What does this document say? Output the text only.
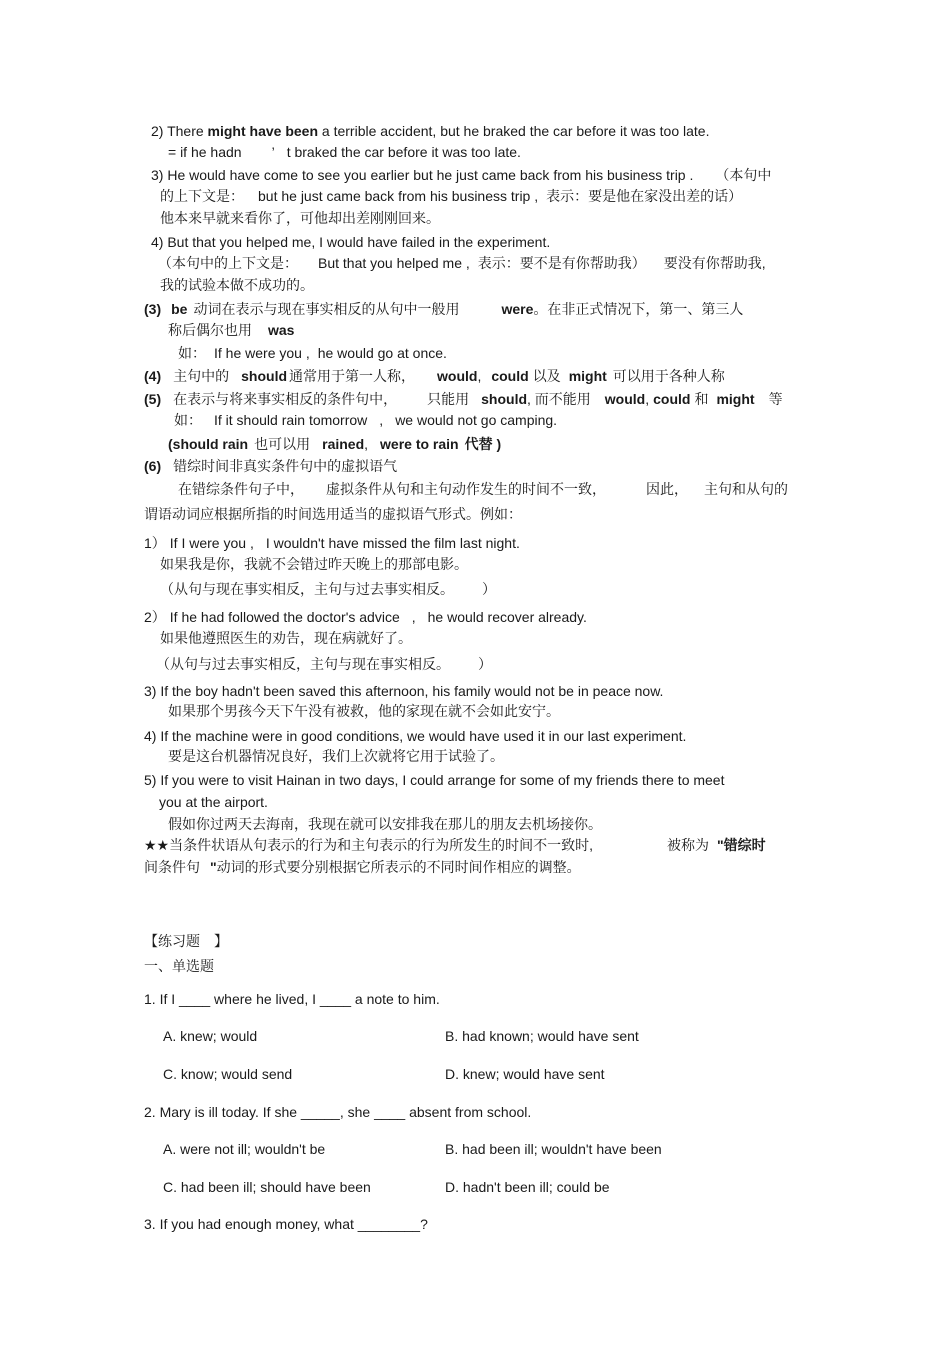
2) There might have been a terrible accident, but he braked the car before it was too late.
= if he hadn ’ t braked the car before it was too late.
3) He would have come to see you earlier but he just came back from his business trip . （本句中
的上下文是： but he just came back from his business trip , 表示：要是他在家没出差的话）
他本来早就来看你了，可他却出差刚刚回来。
4) But that you helped me, I would have failed in the experiment.
（本句中的上下文是： But that you helped me , 表示：要不是有你帮助我） 要没有你帮助我,
我的试验本做不成功的。
(3) be 动词在表示与现在事实相反的从句中一般用	were。在非正式情况下，第一、第三人
称后偶尔也用 was
如： If he were you , he would go at once.
(4) 主句中的 should 通常用于第一人称， would, could 以及 might 可以用于各种人称
(5) 在表示与将来事实相反的条件句中， 只能用 should, 而不能用 would, could 和 might 等
如： If it should rain tomorrow , we would not go camping.
(should rain 也可以用 rained, were to rain 代替 )
(6) 错综时间非真实条件句中的虚拟语气
在错综条件句子中， 虚拟条件从句和主句动作发生的时间不一致，	因此， 主句和从句的
谓语动词应根据所指的时间选用适当的虚拟语气形式。例如：
1） If I were you , I wouldn't have missed the film last night.
如果我是你，我就不会错过昨天晚上的那部电影。
（从句与现在事实相反，主句与过去事实相反。 ）
2） If he had followed the doctor's advice , he would recover already.
如果他遵照医生的劝告，现在病就好了。
（从句与过去事实相反，主句与现在事实相反。 ）
3) If the boy hadn't been saved this afternoon, his family would not be in peace now.
如果那个男孩今天下午没有被救，他的家现在就不会如此安宁。
4) If the machine were in good conditions, we would have used it in our last experiment.
要是这台机器情况良好，我们上次就将它用于试验了。
5) If you were to visit Hainan in two days, I could arrange for some of my friends there to meet
you at the airport.
假如你过两天去海南，我现在就可以安排我在那儿的朋友去机场接你。
★★当条件状语从句表示的行为和主句表示的行为所发生的时间不一致时,	被称为 "错综时
间条件句 "动词的形式要分别根据它所表示的不同时间作相应的调整。
【练习题 】
一、单选题
1. If I ____ where he lived, I ____ a note to him.
A. knew; would	B. had known; would have sent
C. know; would send	D. knew; would have sent
2. Mary is ill today. If she _____, she ____ absent from school.
A. were not ill; wouldn't be	B. had been ill; wouldn't have been
C. had been ill; should have been	D. hadn't been ill; could be
3. If you had enough money, what ________?
